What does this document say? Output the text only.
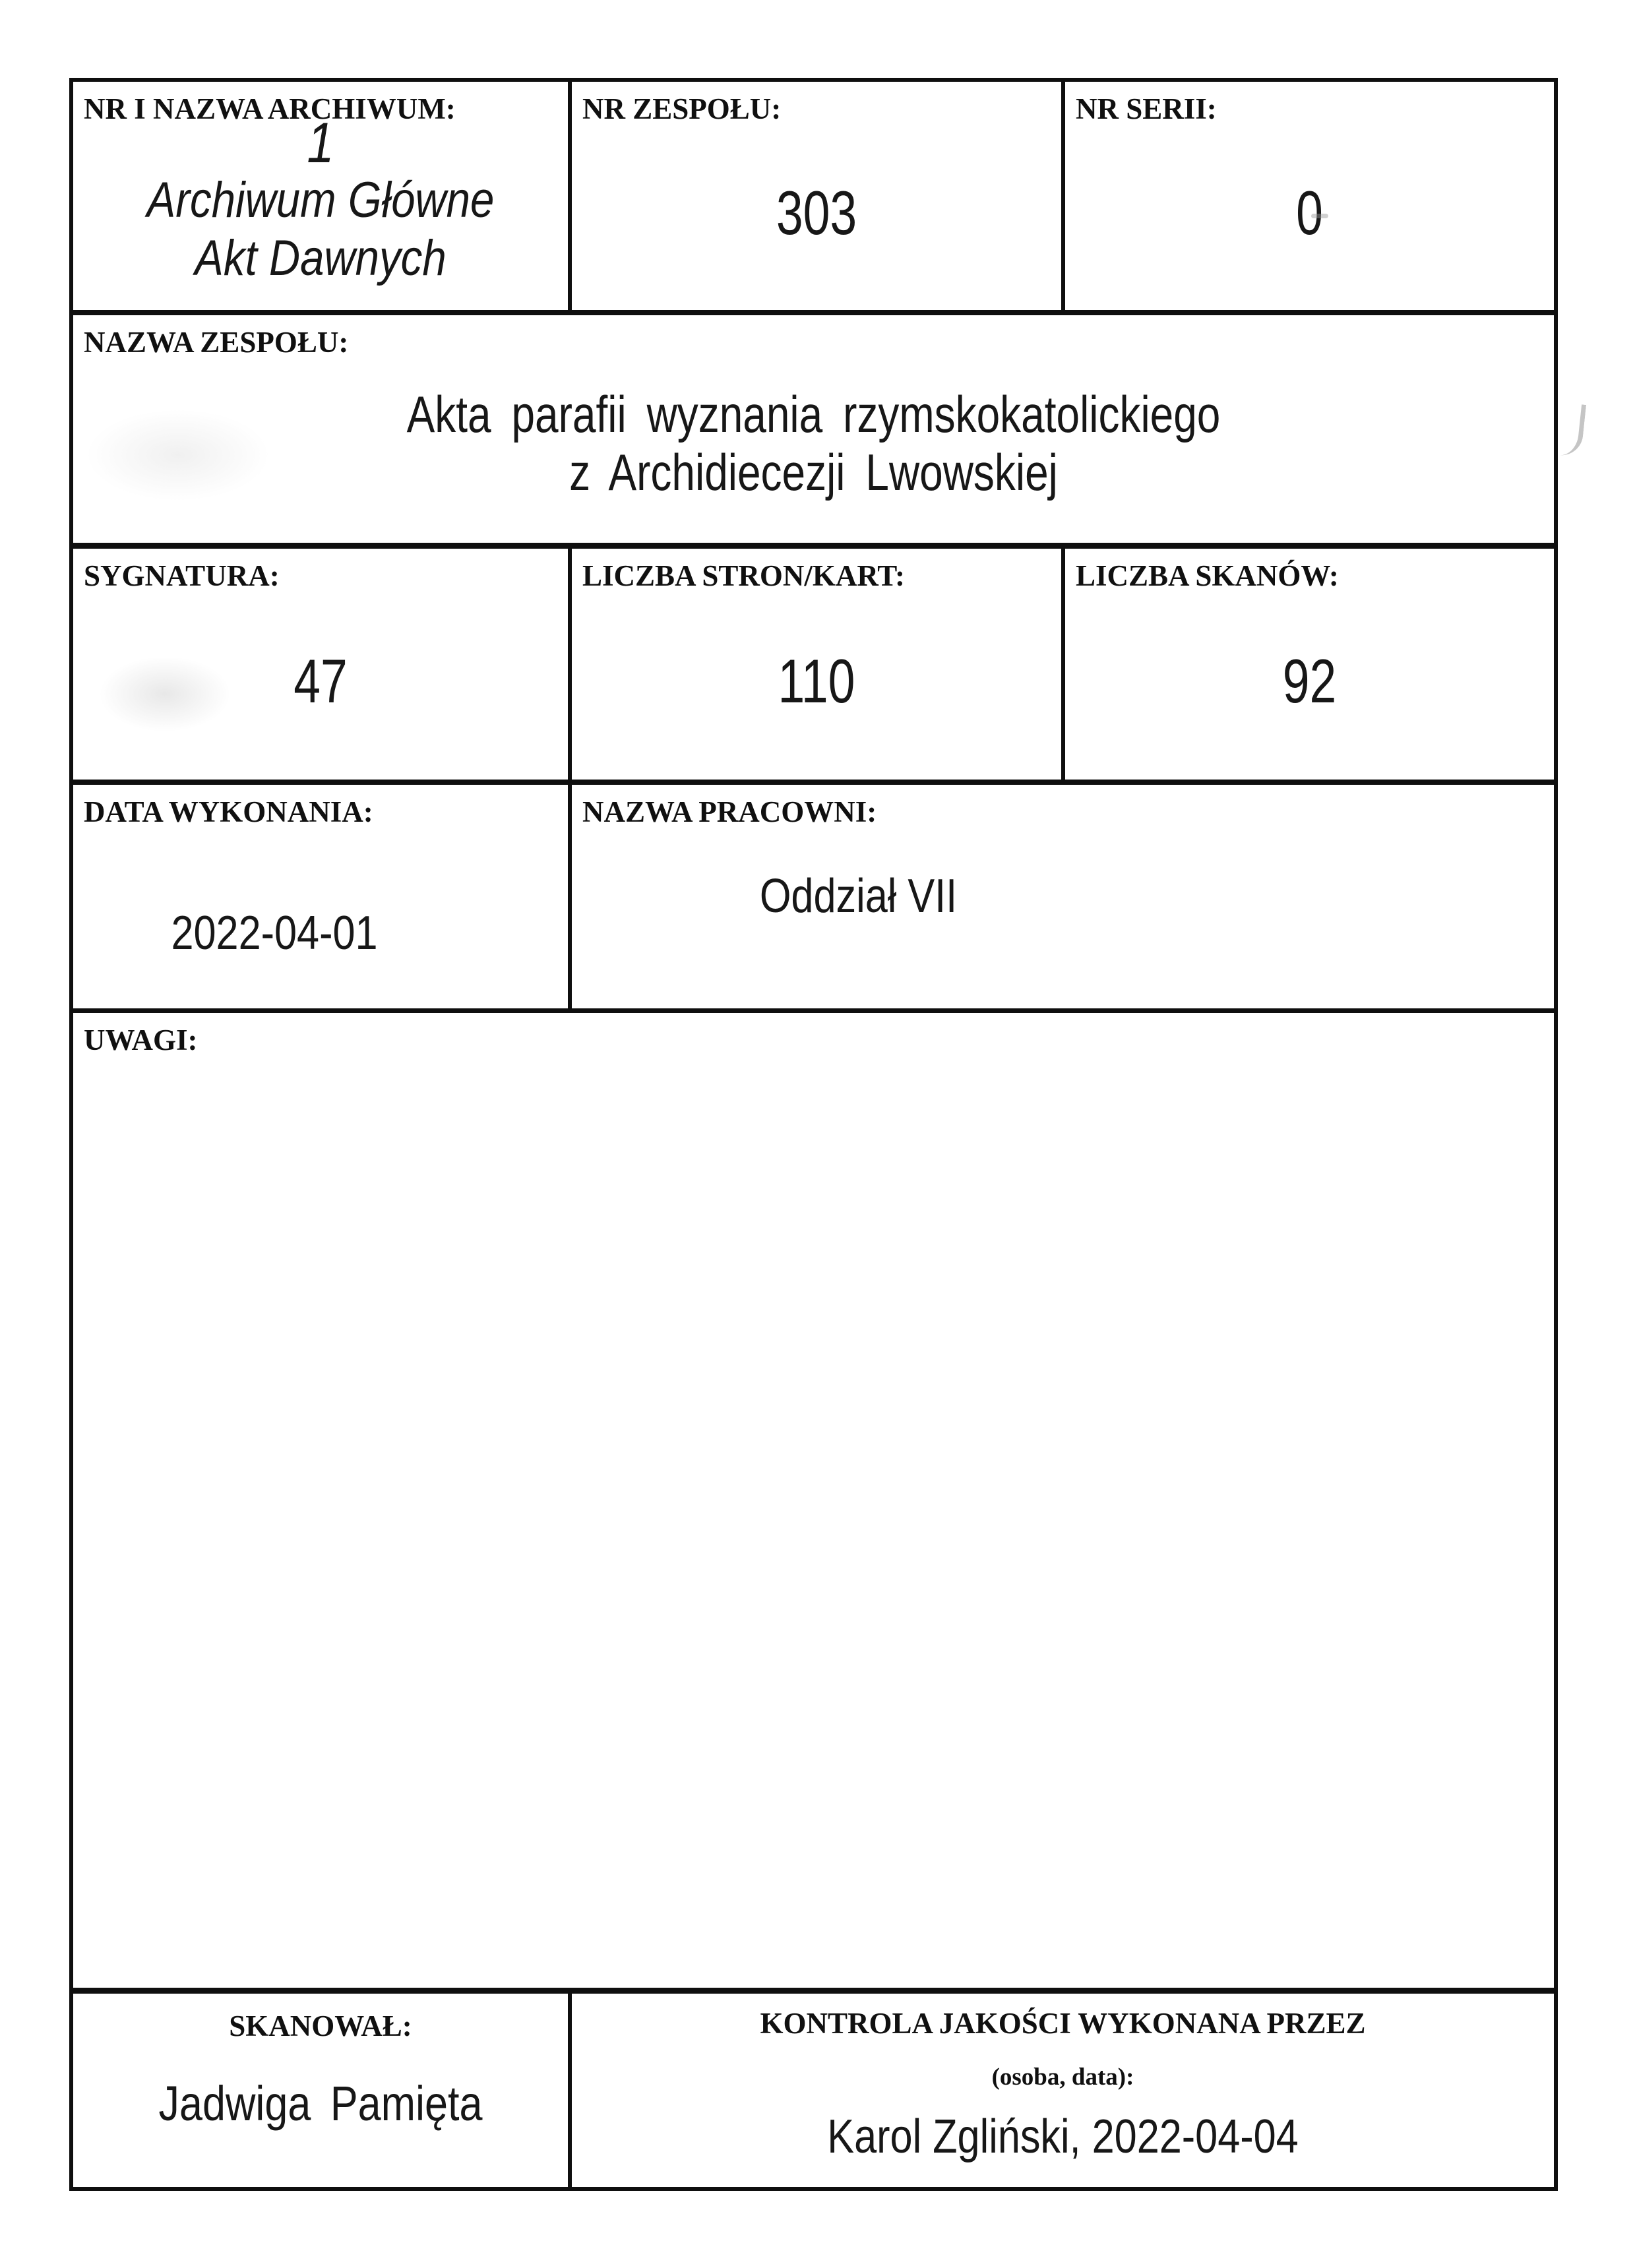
NR I NAZWA ARCHIWUM:
1
Archiwum Główne
Akt Dawnych
NR ZESPOŁU:
303
NR SERII:
0
NAZWA ZESPOŁU:
Akta parafii wyznania rzymskokatolickiego
z Archidiecezji Lwowskiej
SYGNATURA:
47
LICZBA STRON/KART:
110
LICZBA SKANÓW:
92
DATA WYKONANIA:
2022-04-01
NAZWA PRACOWNI:
Oddział VII
UWAGI:
SKANOWAŁ:
Jadwiga Pamięta
KONTROLA JAKOŚCI WYKONANA PRZEZ
(osoba, data):
Karol Zgliński, 2022-04-04
